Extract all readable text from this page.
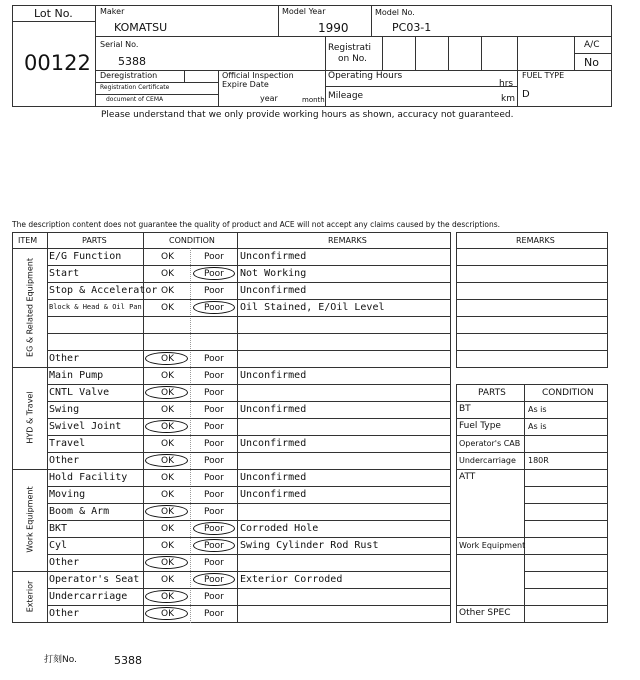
Lot No.
00122
Maker
KOMATSU
Model Year
1990
Model No.
PC03-1
Serial No.
5388
Registrati
on No.
A/C
No
Deregistration
Registration Certificate
document of CEMA
Official Inspection
Expire Date
year	month
Operating Hours
hrs
Mileage	km
FUEL TYPE
D
Please understand that we only provide working hours as shown, accuracy not guaranteed.
The description content does not guarantee the quality of product and ACE will not accept any claims caused by the descriptions.
ITEM	PARTS	CONDITION	REMARKS
E/G Function	OK	Poor Unconfirmed
Start	OK	Poor Not Working
Stop & Accelerator OK	Poor Unconfirmed
Block & Head & Oil Pan OK	Poor Oil Stained, E/Oil Level
Other	OK	Poor
EG & Related Equipment
Main Pump	OK	Poor Unconfirmed
CNTL Valve	OK	Poor
Swing	OK	Poor Unconfirmed
Swivel Joint	OK	Poor
Travel	OK	Poor Unconfirmed
Other	OK	Poor
HYD & Travel
Hold Facility	OK	Poor Unconfirmed
Moving	OK	Poor Unconfirmed
Boom & Arm	OK	Poor
BKT	OK	Poor Corroded Hole
Cyl	OK	Poor Swing Cylinder Rod Rust
Other	OK	Poor
Work Equipment
Operator's Seat OK	Poor Exterior Corroded
Undercarriage	OK	Poor
Other	OK	Poor
Exterior
REMARKS
PARTS	CONDITION
BT	As is
Fuel Type	As is
Operator's CAB
Undercarriage 180R
ATT
Work Equipment
Other SPEC
打刻No.	5388
